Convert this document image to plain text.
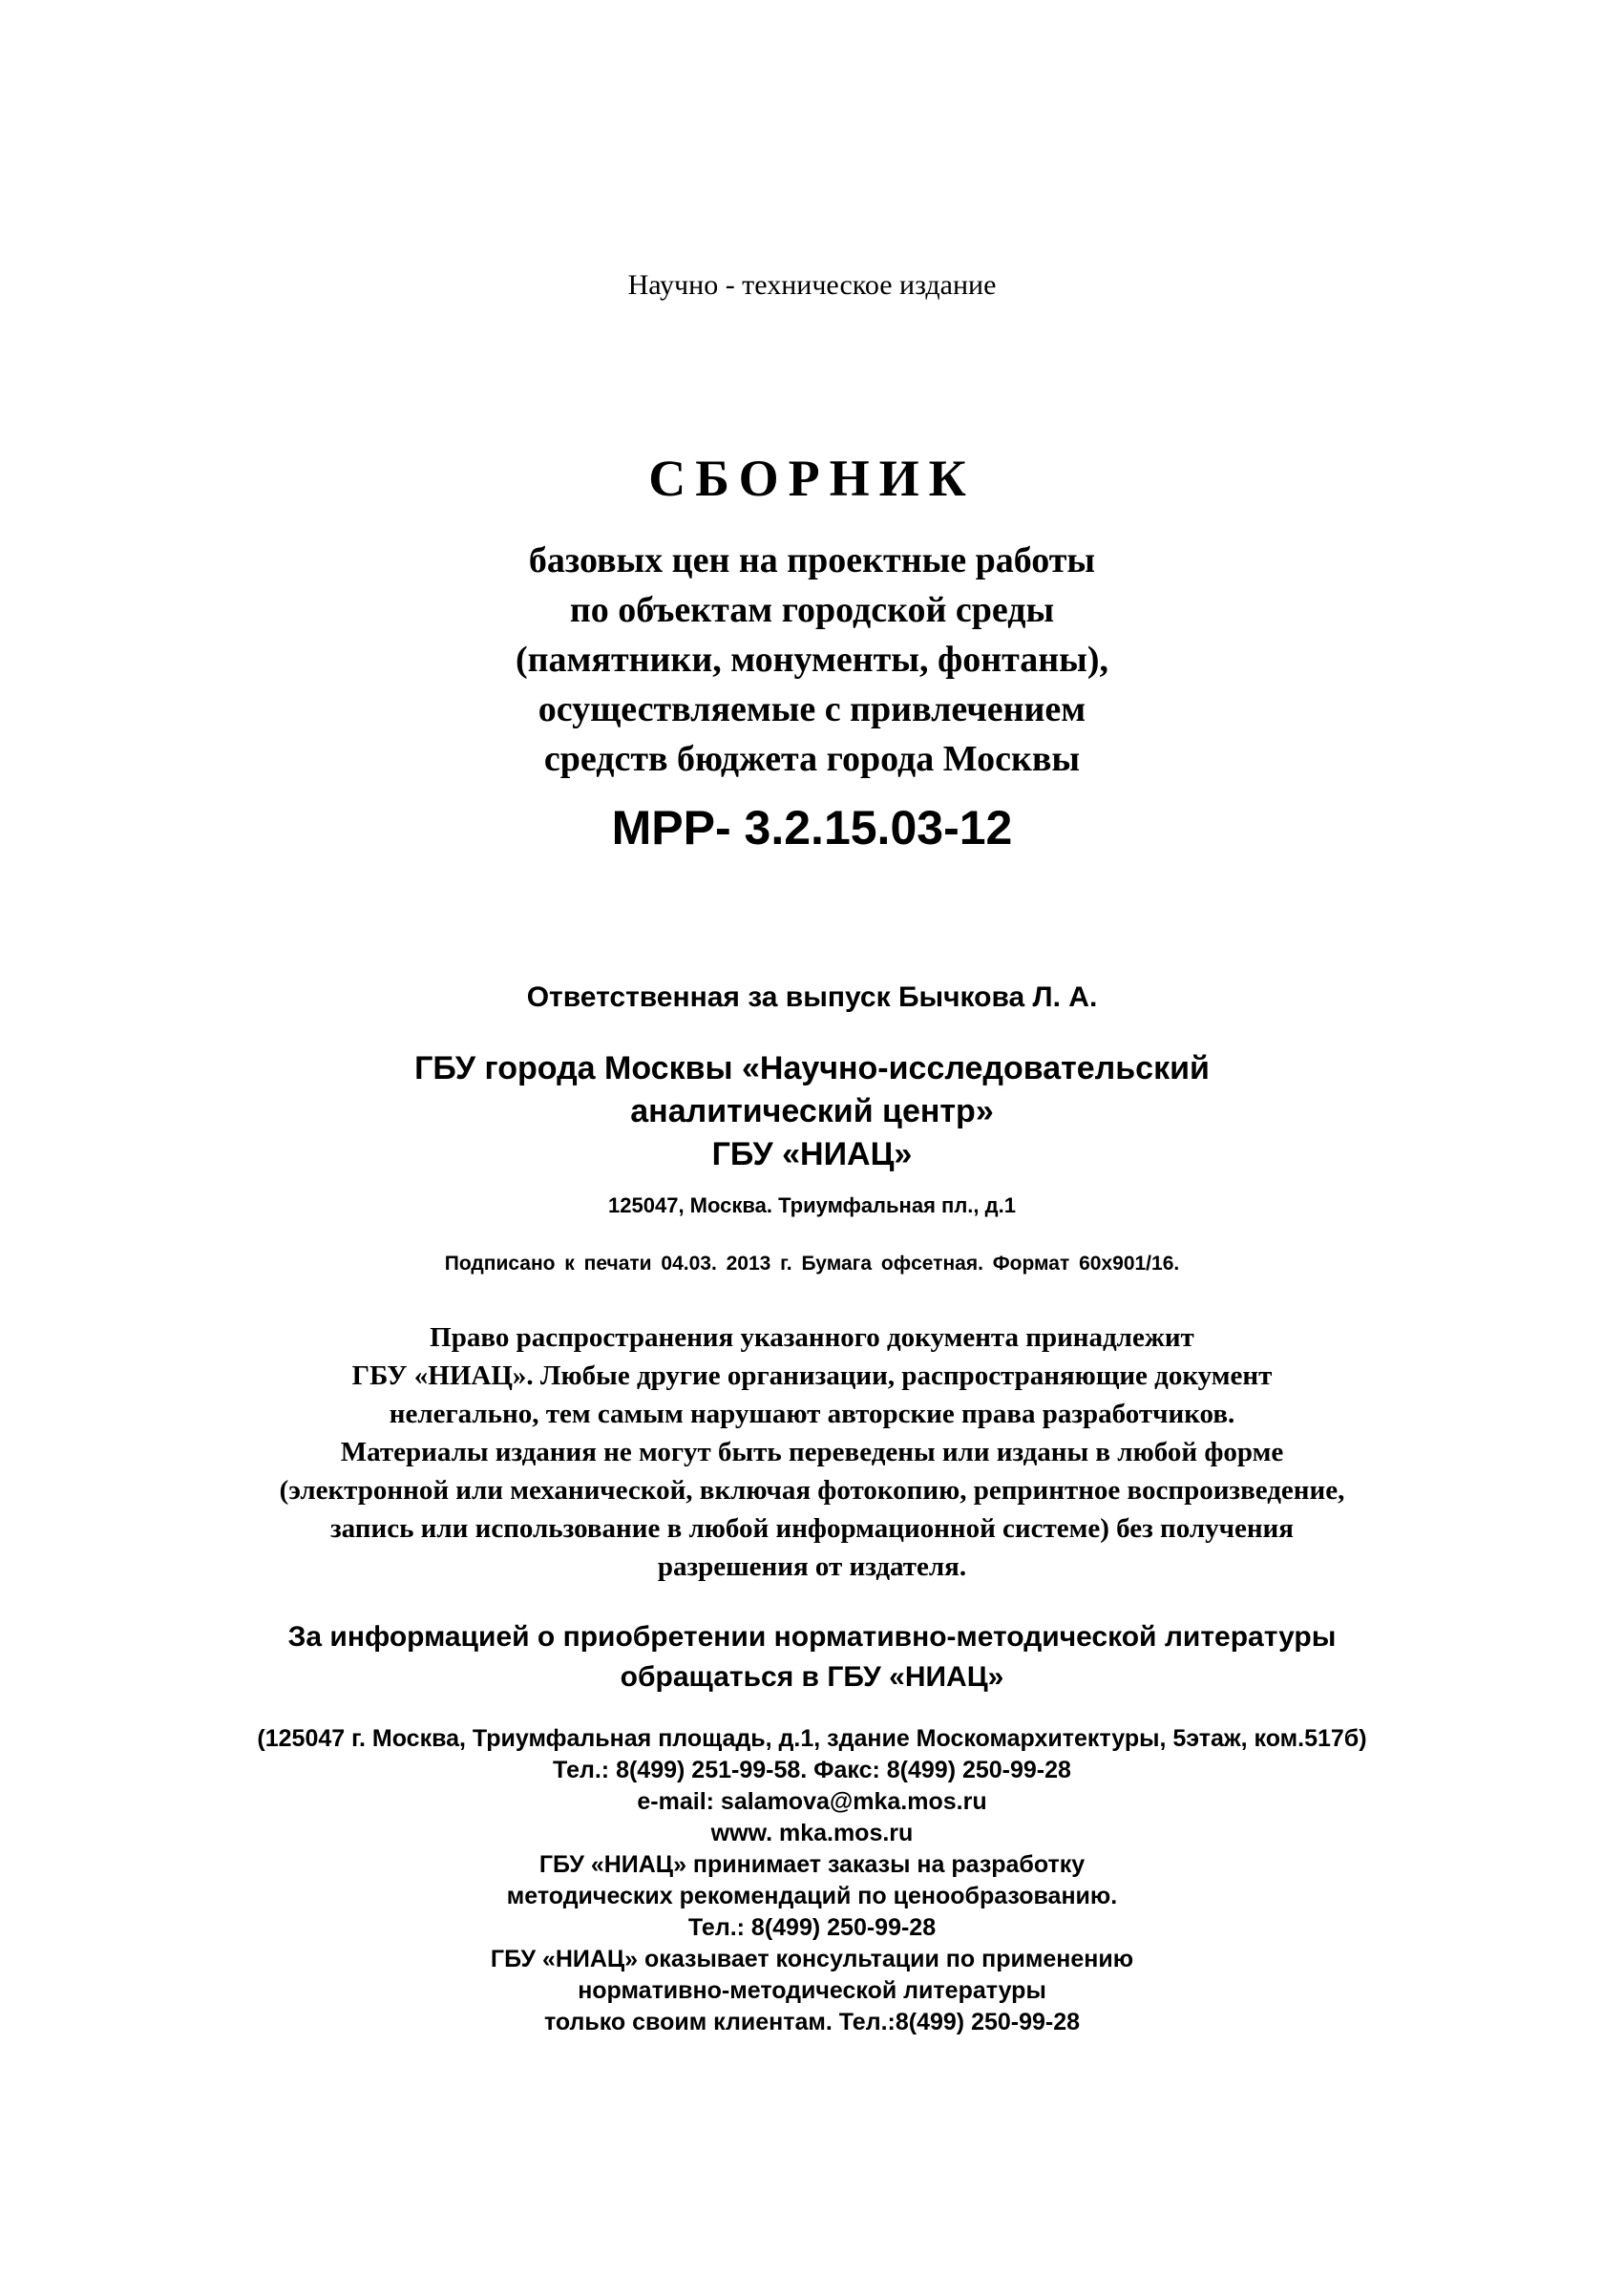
Научно - техническое издание

СБОРНИК

базовых цен на проектные работы

по объектам городской среды

(памятники, монументы, фонтаны),

осуществляемые с привлечением

средств бюджета города Москвы

МРР- 3.2.15.03-12

Ответственная за выпуск Бычкова Л. А.

ГБУ города Москвы «Научно-исследовательский

аналитический центр»

ГБУ «НИАЦ»

125047, Москва. Триумфальная пл., д.1

Подписано к печати 04.03. 2013 г. Бумага офсетная. Формат 60х901/16.

Право распространения указанного документа принадлежит

ГБУ «НИАЦ». Любые другие организации, распространяющие документ

нелегально, тем самым нарушают авторские права разработчиков.

Материалы издания не могут быть переведены или изданы в любой форме

(электронной или механической, включая фотокопию, репринтное воспроизведение,

запись или использование в любой информационной системе) без получения

разрешения от издателя.

За информацией о приобретении нормативно-методической литературы

обращаться в ГБУ «НИАЦ»

(125047 г. Москва, Триумфальная площадь, д.1, здание Москомархитектуры, 5этаж, ком.517б)

Тел.: 8(499) 251-99-58. Факс: 8(499) 250-99-28

e-mail: salamova@mka.mos.ru

www. mka.mos.ru

ГБУ «НИАЦ» принимает заказы на разработку

методических рекомендаций по ценообразованию.

Тел.: 8(499) 250-99-28

ГБУ «НИАЦ» оказывает консультации по применению

нормативно-методической литературы

только своим клиентам. Тел.:8(499) 250-99-28
